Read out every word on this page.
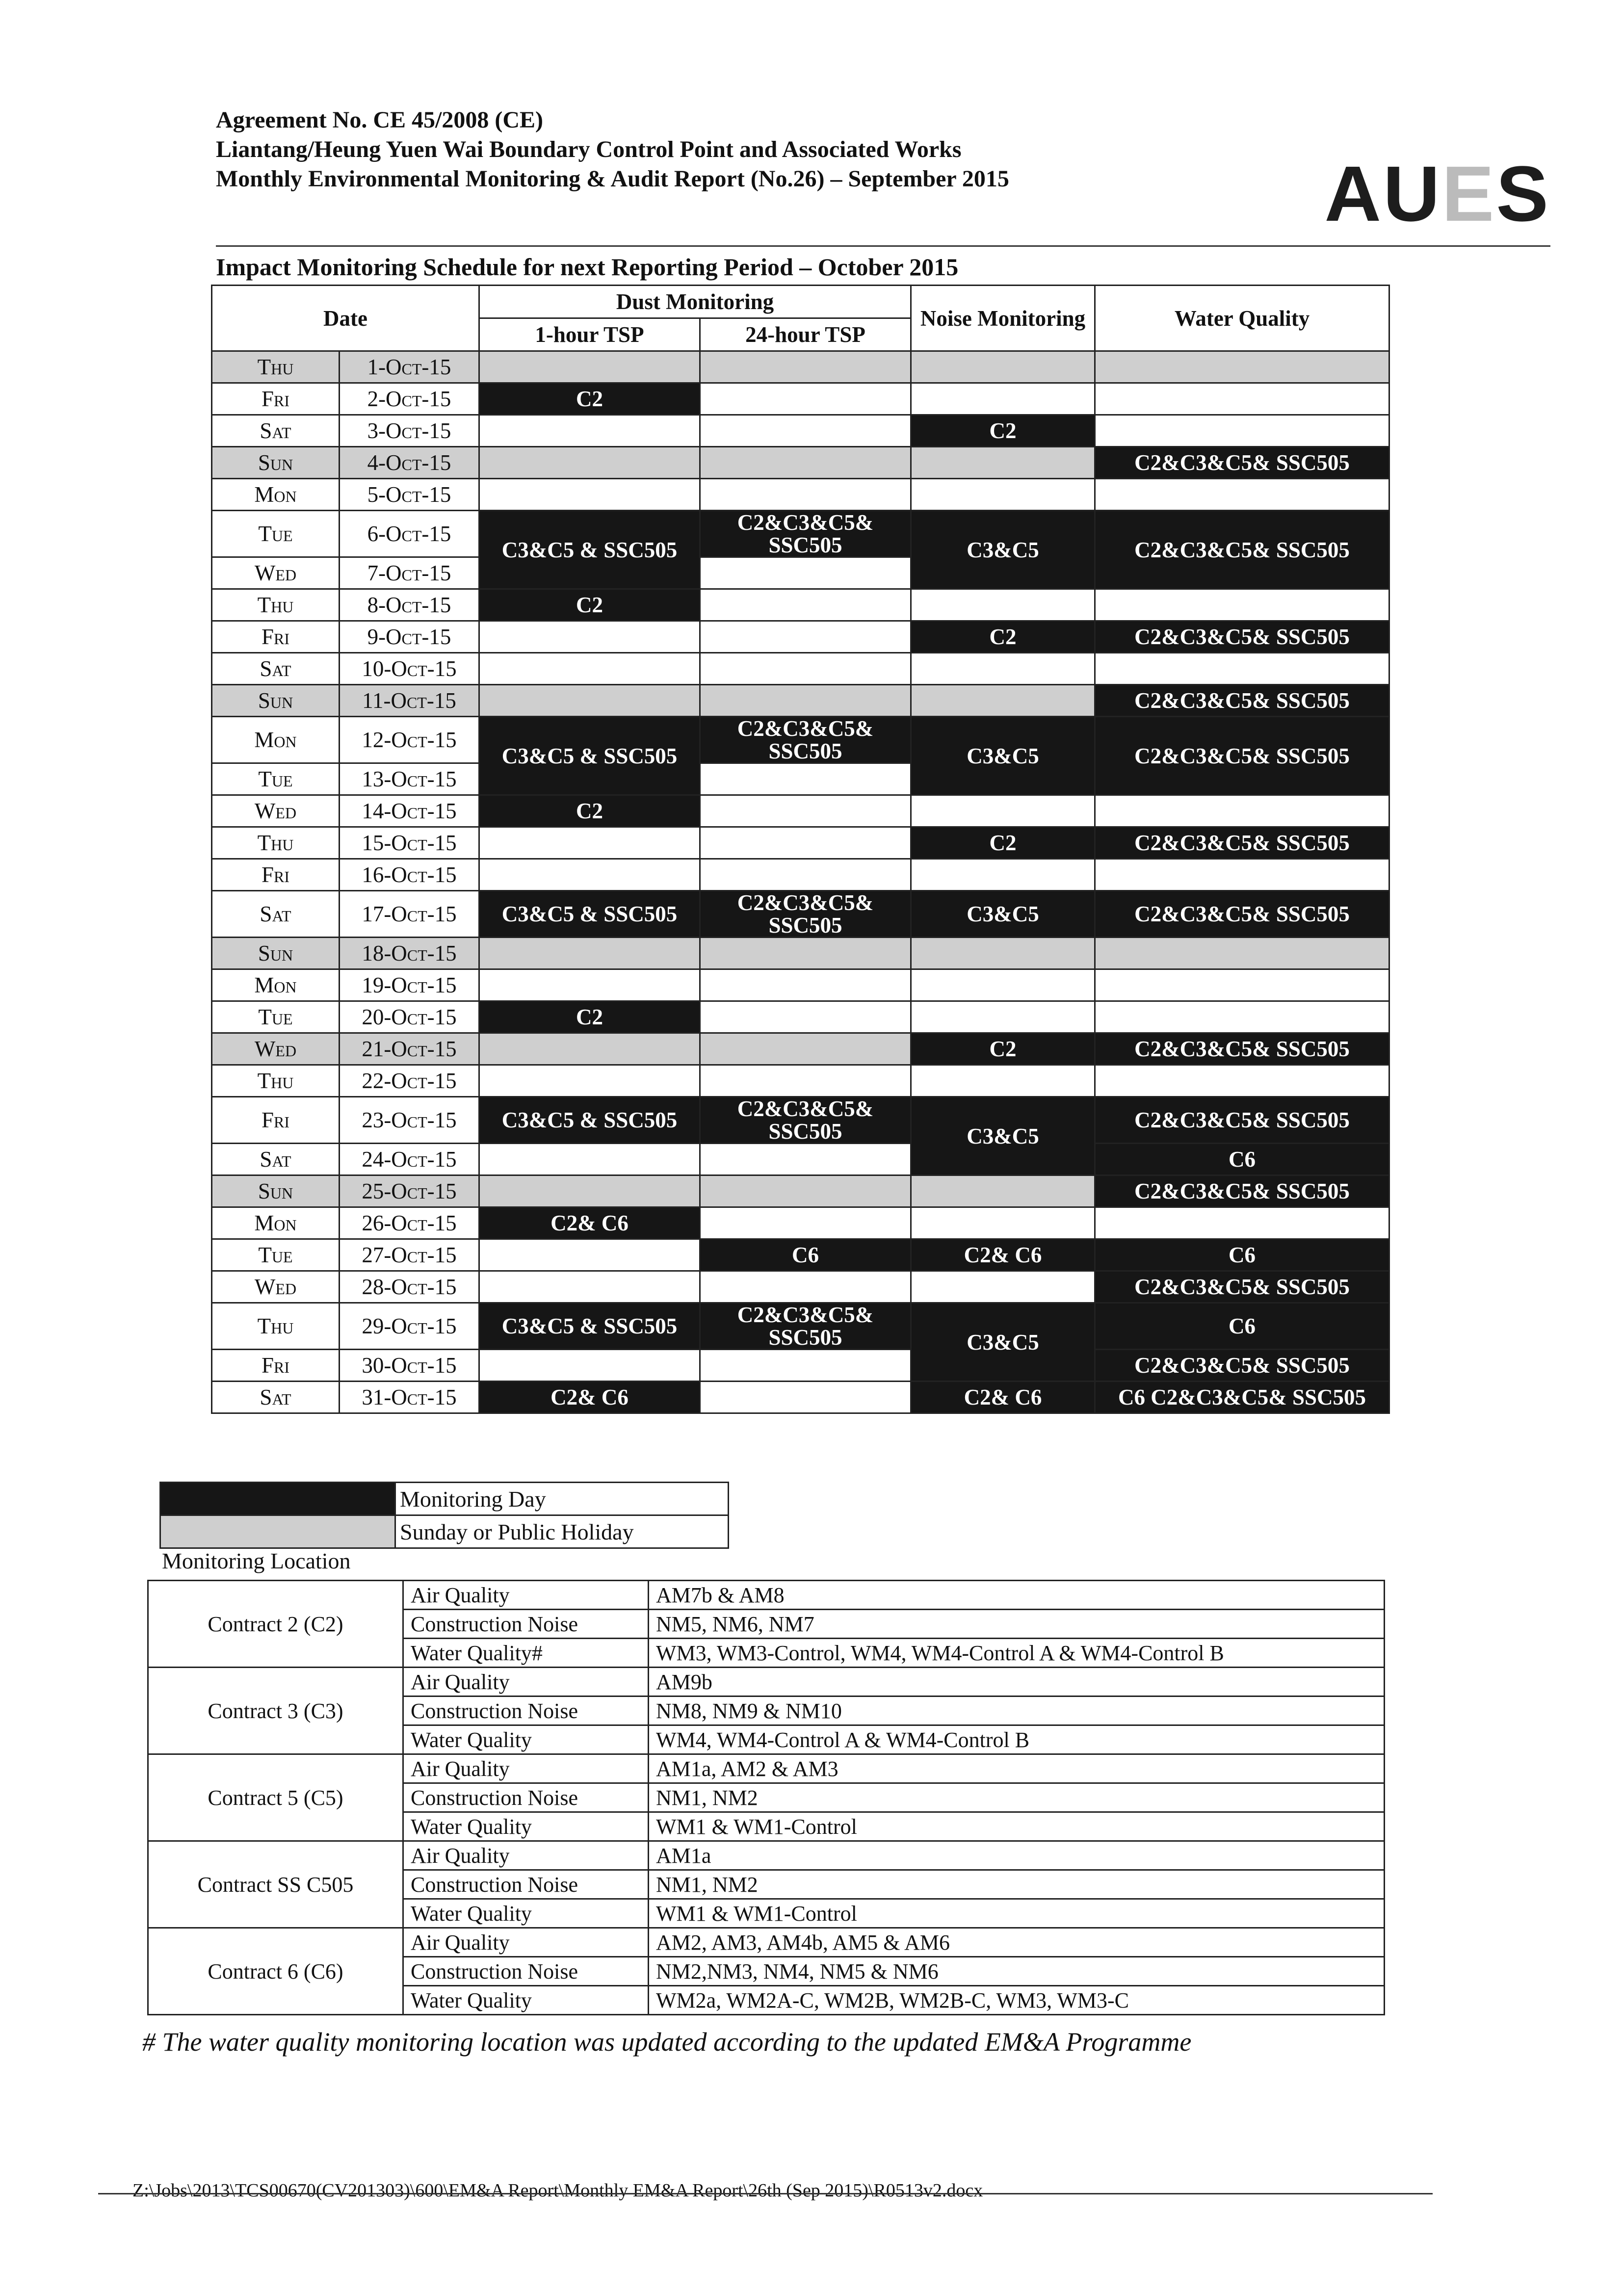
Agreement No. CE 45/2008 (CE)
Liantang/Heung Yuen Wai Boundary Control Point and Associated Works
Monthly Environmental Monitoring & Audit Report (No.26) – September 2015	AUES
Impact Monitoring Schedule for next Reporting Period – October 2015
Date		Dust Monitoring		Noise Monitoring	Water Quality
		1-hour TSP	24-hour TSP		
Thu	1-Oct-15				
Fri	2-Oct-15	C2			
Sat	3-Oct-15			C2	
Sun	4-Oct-15				C2&C3&C5& SSC505
Mon	5-Oct-15				
Tue	6-Oct-15	C3&C5 & SSC505	C2&C3&C5& SSC505	C3&C5	C2&C3&C5& SSC505
Wed	7-Oct-15				
Thu	8-Oct-15	C2			
Fri	9-Oct-15			C2	C2&C3&C5& SSC505
Sat	10-Oct-15				
Sun	11-Oct-15				C2&C3&C5& SSC505
Mon	12-Oct-15	C3&C5 & SSC505	C2&C3&C5& SSC505	C3&C5	C2&C3&C5& SSC505
Tue	13-Oct-15				
Wed	14-Oct-15	C2			
Thu	15-Oct-15			C2	C2&C3&C5& SSC505
Fri	16-Oct-15				
Sat	17-Oct-15	C3&C5 & SSC505	C2&C3&C5& SSC505	C3&C5	C2&C3&C5& SSC505
Sun	18-Oct-15				
Mon	19-Oct-15				
Tue	20-Oct-15	C2			
Wed	21-Oct-15			C2	C2&C3&C5& SSC505
Thu	22-Oct-15				
Fri	23-Oct-15	C3&C5 & SSC505	C2&C3&C5& SSC505	C3&C5	C2&C3&C5& SSC505
Sat	24-Oct-15				C6
Sun	25-Oct-15				C2&C3&C5& SSC505
Mon	26-Oct-15	C2& C6			
Tue	27-Oct-15		C6	C2& C6	C6
Wed	28-Oct-15				C2&C3&C5& SSC505
Thu	29-Oct-15	C3&C5 & SSC505	C2&C3&C5& SSC505	C3&C5	C6
Fri	30-Oct-15				C2&C3&C5& SSC505
Sat	31-Oct-15	C2& C6		C2& C6	C6 C2&C3&C5& SSC505
	Monitoring Day
	Sunday or Public Holiday
Monitoring Location
Contract 2 (C2)	Air Quality	AM7b & AM8
	Construction Noise	NM5, NM6, NM7
	Water Quality#	WM3, WM3-Control, WM4, WM4-Control A & WM4-Control B
Contract 3 (C3)	Air Quality	AM9b
	Construction Noise	NM8, NM9 & NM10
	Water Quality	WM4, WM4-Control A & WM4-Control B
Contract 5 (C5)	Air Quality	AM1a, AM2 & AM3
	Construction Noise	NM1, NM2
	Water Quality	WM1 & WM1-Control
Contract SS C505	Air Quality	AM1a
	Construction Noise	NM1, NM2
	Water Quality	WM1 & WM1-Control
Contract 6 (C6)	Air Quality	AM2, AM3, AM4b, AM5 & AM6
	Construction Noise	NM2,NM3, NM4, NM5 & NM6
	Water Quality	WM2a, WM2A-C, WM2B, WM2B-C, WM3, WM3-C
# The water quality monitoring location was updated according to the updated EM&A Programme
Z:\Jobs\2013\TCS00670(CV201303)\600\EM&A Report\Monthly EM&A Report\26th (Sep 2015)\R0513v2.docx
